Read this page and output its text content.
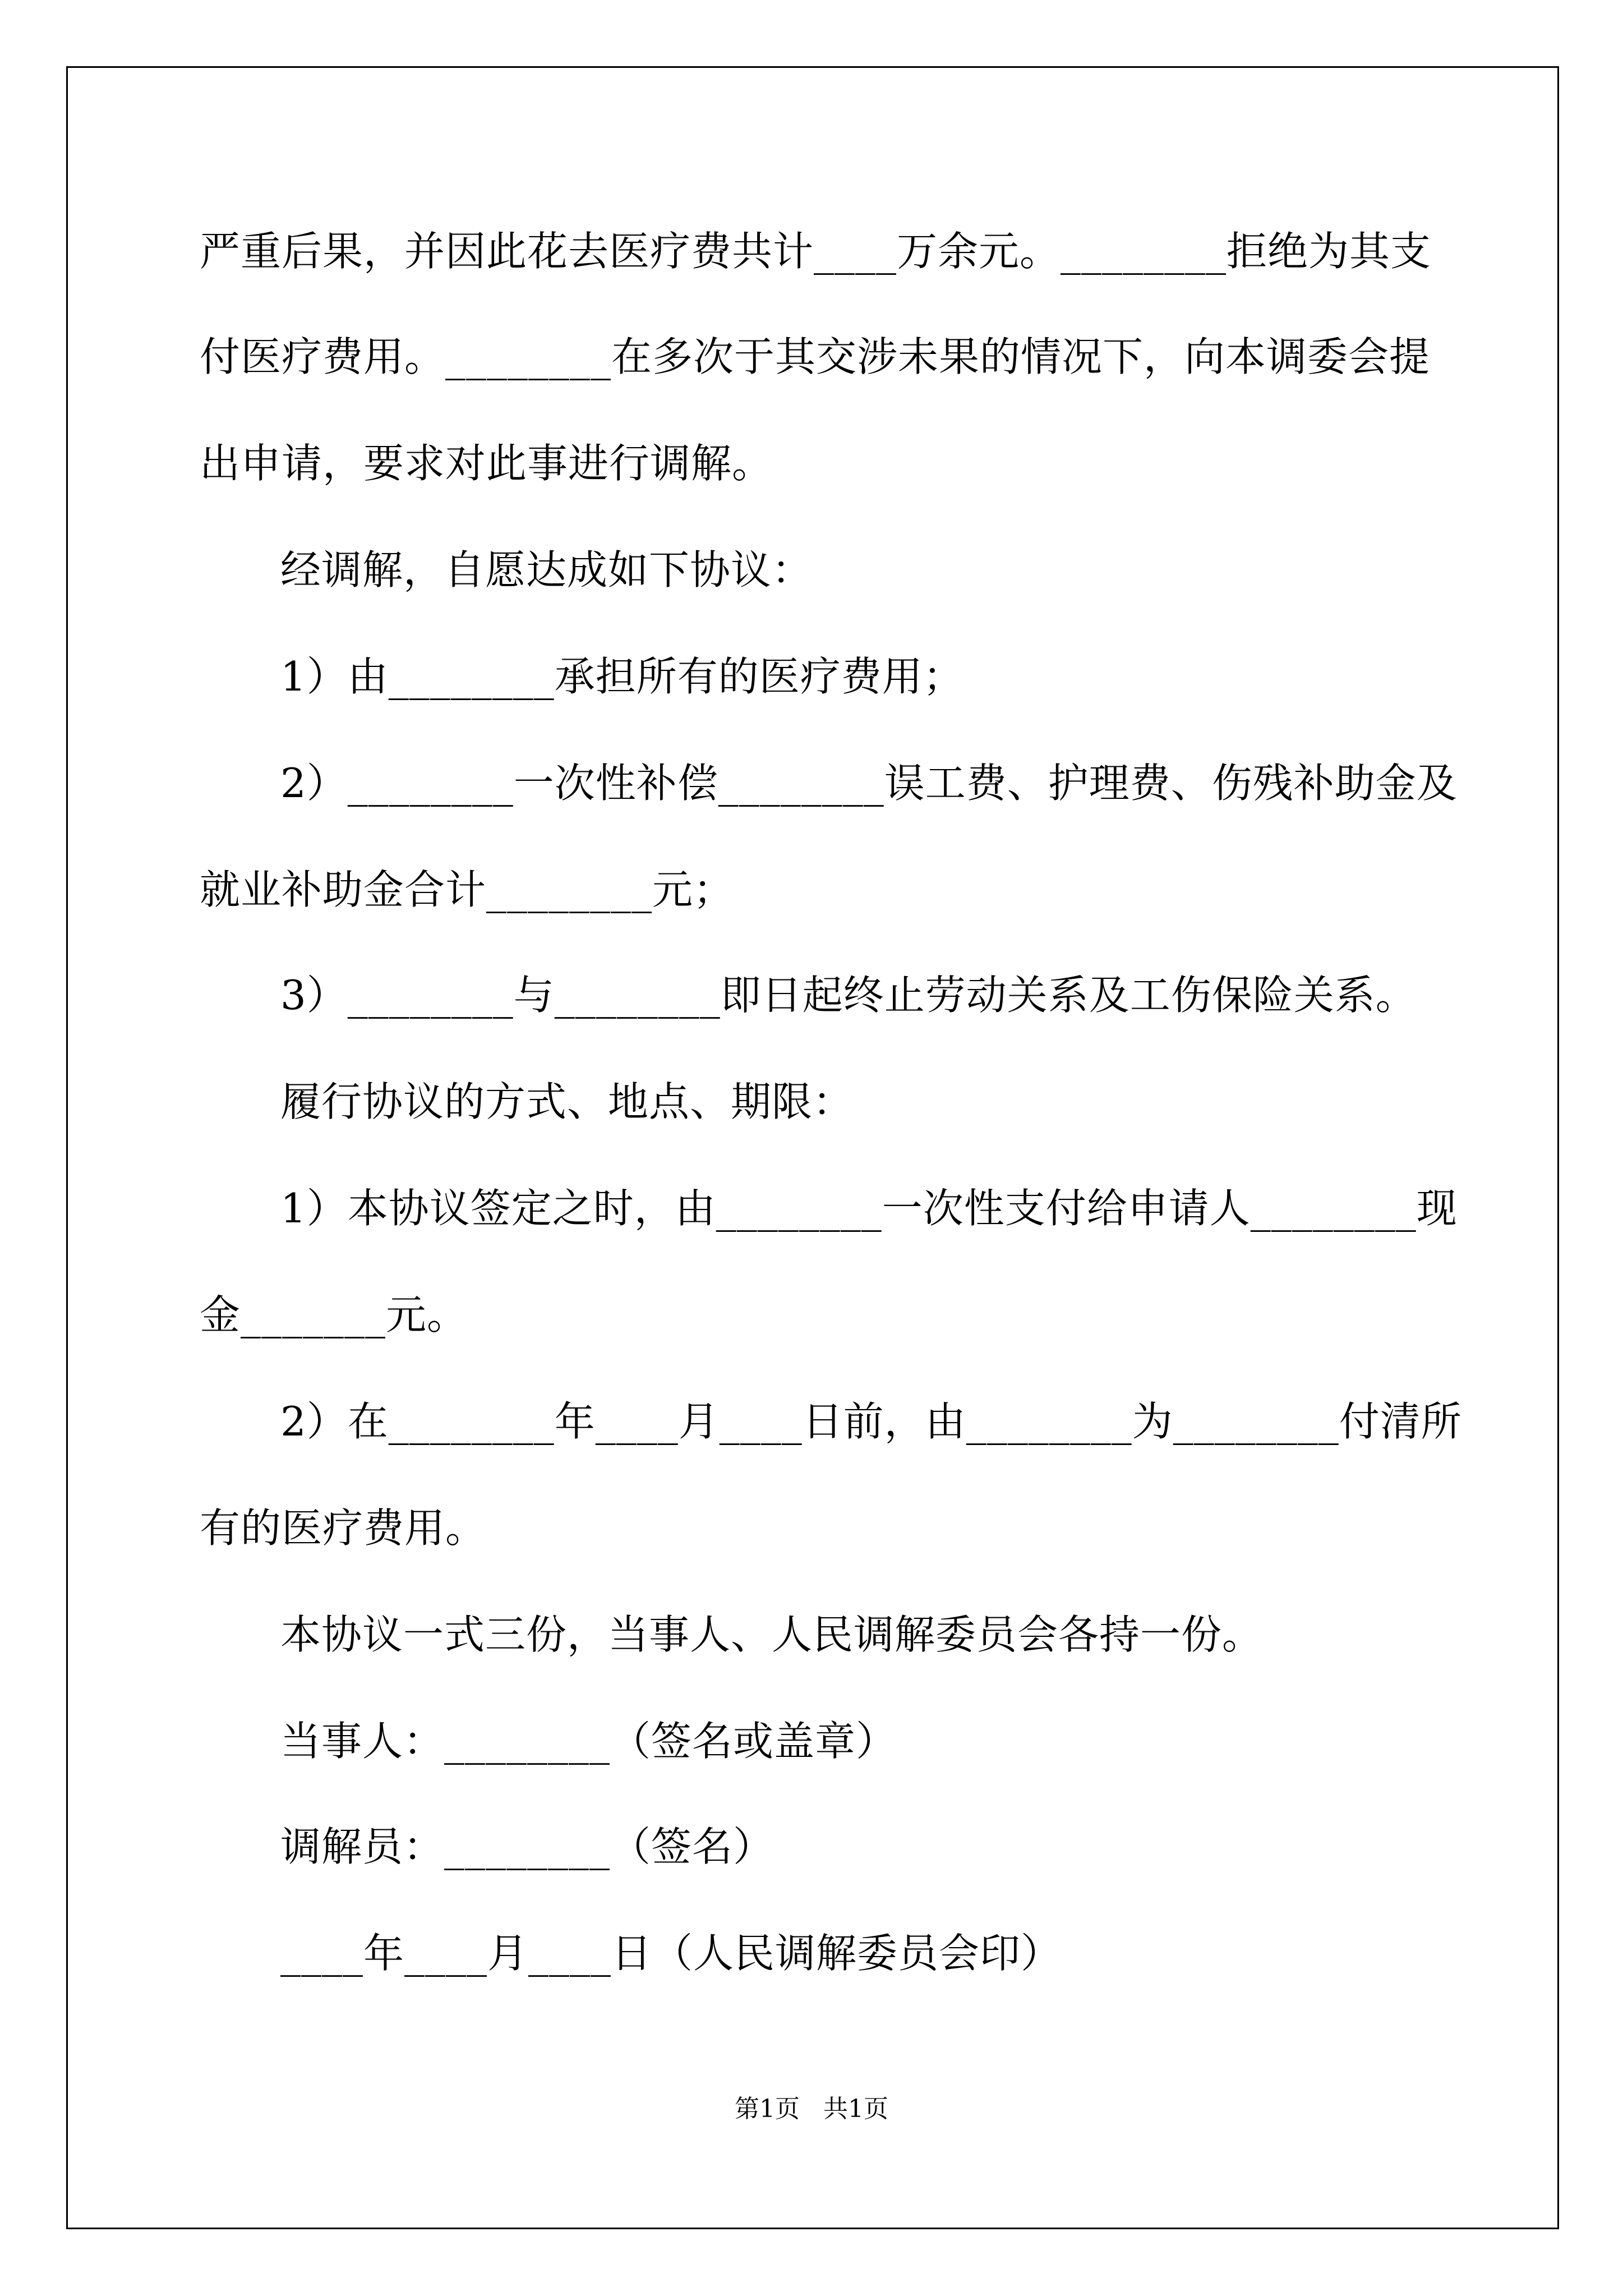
严重后果，并因此花去医疗费共计____万余元。________拒绝为其支
付医疗费用。________在多次于其交涉未果的情况下，向本调委会提
出申请，要求对此事进行调解。
经调解，自愿达成如下协议：
1）由________承担所有的医疗费用；
2）________一次性补偿________误工费、护理费、伤残补助金及
就业补助金合计________元；
3）________与________即日起终止劳动关系及工伤保险关系。
履行协议的方式、地点、期限：
1）本协议签定之时，由________一次性支付给申请人________现
金_______元。
2）在________年____月____日前，由________为________付清所
有的医疗费用。
本协议一式三份，当事人、人民调解委员会各持一份。
当事人：________（签名或盖章）
调解员：________（签名）
____年____月____日（人民调解委员会印）
第1页   共1页
